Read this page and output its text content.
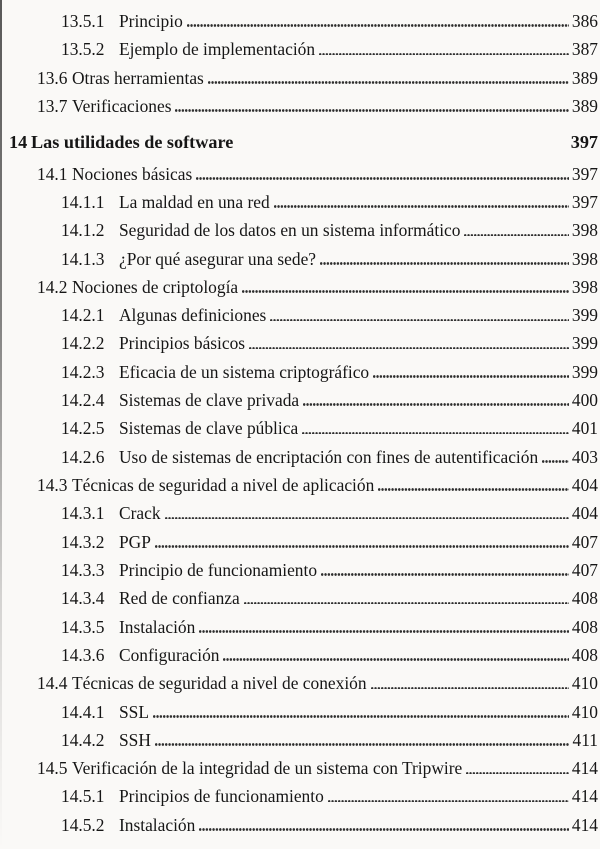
13.5.1 Principio	386
13.5.2 Ejemplo de implementación	387
13.6 Otras herramientas	389
13.7 Verificaciones	389
14 Las utilidades de software	397
14.1 Nociones básicas	397
14.1.1 La maldad en una red	397
14.1.2 Seguridad de los datos en un sistema informático	398
14.1.3 ¿Por qué asegurar una sede?	398
14.2 Nociones de criptología	398
14.2.1 Algunas definiciones	399
14.2.2 Principios básicos	399
14.2.3 Eficacia de un sistema criptográfico	399
14.2.4 Sistemas de clave privada	400
14.2.5 Sistemas de clave pública	401
14.2.6 Uso de sistemas de encriptación con fines de autentificación 403
14.3 Técnicas de seguridad a nivel de aplicación	404
14.3.1 Crack	404
14.3.2 PGP	407
14.3.3 Principio de funcionamiento	407
14.3.4 Red de confianza	408
14.3.5 Instalación	408
14.3.6 Configuración	408
14.4 Técnicas de seguridad a nivel de conexión	410
14.4.1 SSL	410
14.4.2 SSH	411
14.5 Verificación de la integridad de un sistema con Tripwire	414
14.5.1 Principios de funcionamiento	414
14.5.2 Instalación	414
